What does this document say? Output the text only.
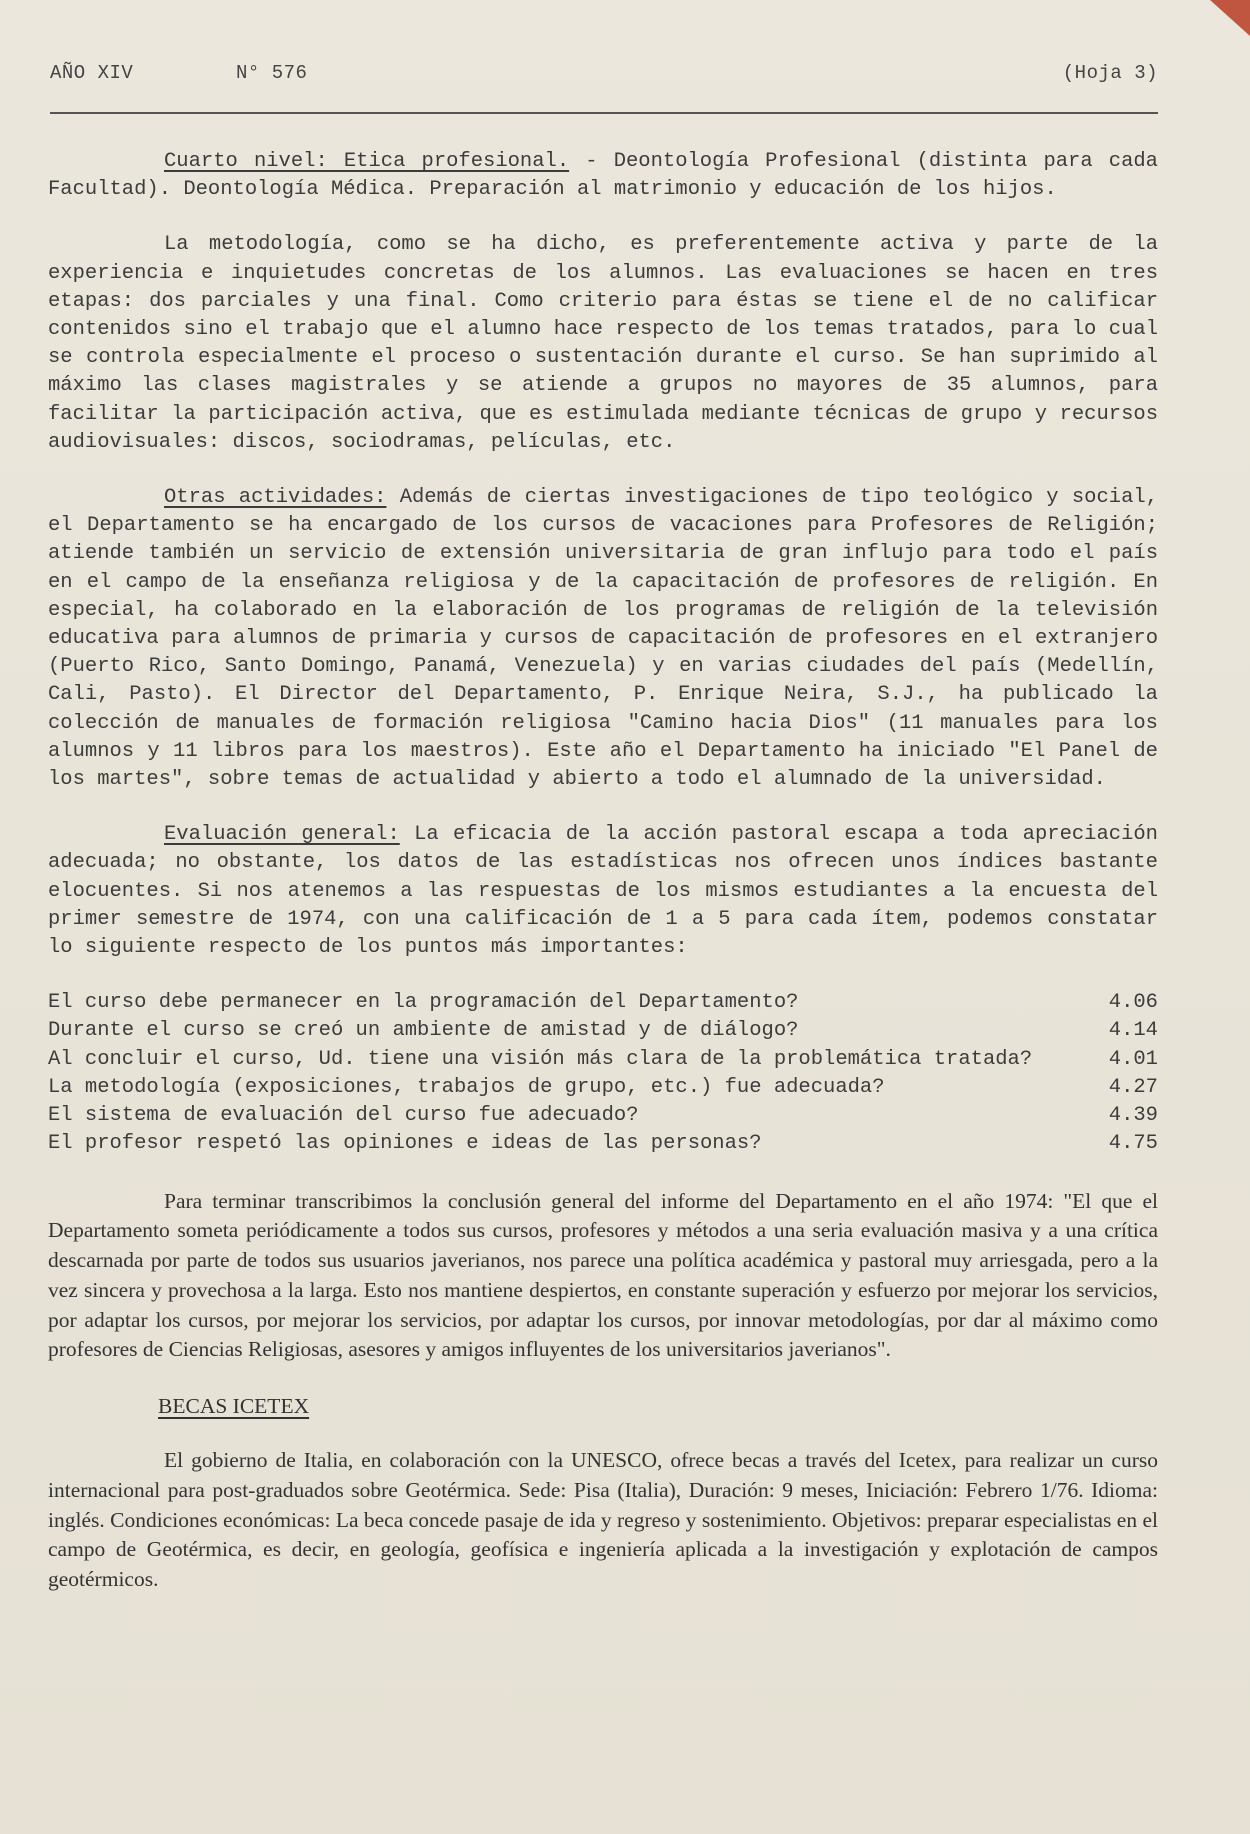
AÑO XIV	N° 576	(Hoja 3)

Cuarto nivel: Etica profesional. - Deontología Profesional (distinta para cada Facultad). Deontología Médica. Preparación al matrimonio y educación de los hijos.

La metodología, como se ha dicho, es preferentemente activa y parte de la experiencia e inquietudes concretas de los alumnos. Las evaluaciones se hacen en tres etapas: dos parciales y una final. Como criterio para éstas se tiene el de no calificar contenidos sino el trabajo que el alumno hace respecto de los temas tratados, para lo cual se controla especialmente el proceso o sustentación durante el curso. Se han suprimido al máximo las clases magistrales y se atiende a grupos no mayores de 35 alumnos, para facilitar la participación activa, que es estimulada mediante técnicas de grupo y recursos audiovisuales: discos, sociodramas, películas, etc.

Otras actividades: Además de ciertas investigaciones de tipo teológico y social, el Departamento se ha encargado de los cursos de vacaciones para Profesores de Religión; atiende también un servicio de extensión universitaria de gran influjo para todo el país en el campo de la enseñanza religiosa y de la capacitación de profesores de religión. En especial, ha colaborado en la elaboración de los programas de religión de la televisión educativa para alumnos de primaria y cursos de capacitación de profesores en el extranjero (Puerto Rico, Santo Domingo, Panamá, Venezuela) y en varias ciudades del país (Medellín, Cali, Pasto). El Director del Departamento, P. Enrique Neira, S.J., ha publicado la colección de manuales de formación religiosa "Camino hacia Dios" (11 manuales para los alumnos y 11 libros para los maestros). Este año el Departamento ha iniciado "El Panel de los martes", sobre temas de actualidad y abierto a todo el alumnado de la universidad.

Evaluación general: La eficacia de la acción pastoral escapa a toda apreciación adecuada; no obstante, los datos de las estadísticas nos ofrecen unos índices bastante elocuentes. Si nos atenemos a las respuestas de los mismos estudiantes a la encuesta del primer semestre de 1974, con una calificación de 1 a 5 para cada ítem, podemos constatar lo siguiente respecto de los puntos más importantes:

El curso debe permanecer en la programación del Departamento?	4.06
Durante el curso se creó un ambiente de amistad y de diálogo?	4.14
Al concluir el curso, Ud. tiene una visión más clara de la problemática tratada?	4.01
La metodología (exposiciones, trabajos de grupo, etc.) fue adecuada?	4.27
El sistema de evaluación del curso fue adecuado?	4.39
El profesor respetó las opiniones e ideas de las personas?	4.75

Para terminar transcribimos la conclusión general del informe del Departamento en el año 1974: "El que el Departamento someta periódicamente a todos sus cursos, profesores y métodos a una seria evaluación masiva y a una crítica descarnada por parte de todos sus usuarios javerianos, nos parece una política académica y pastoral muy arriesgada, pero a la vez sincera y provechosa a la larga. Esto nos mantiene despiertos, en constante superación y esfuerzo por mejorar los servicios, por adaptar los cursos, por mejorar los servicios, por adaptar los cursos, por innovar metodologías, por dar al máximo como profesores de Ciencias Religiosas, asesores y amigos influyentes de los universitarios javerianos".

BECAS ICETEX

El gobierno de Italia, en colaboración con la UNESCO, ofrece becas a través del Icetex, para realizar un curso internacional para post-graduados sobre Geotérmica. Sede: Pisa (Italia), Duración: 9 meses, Iniciación: Febrero 1/76. Idioma: inglés. Condiciones económicas: La beca concede pasaje de ida y regreso y sostenimiento. Objetivos: preparar especialistas en el campo de Geotérmica, es decir, en geología, geofísica e ingeniería aplicada a la investigación y explotación de campos geotérmicos.
